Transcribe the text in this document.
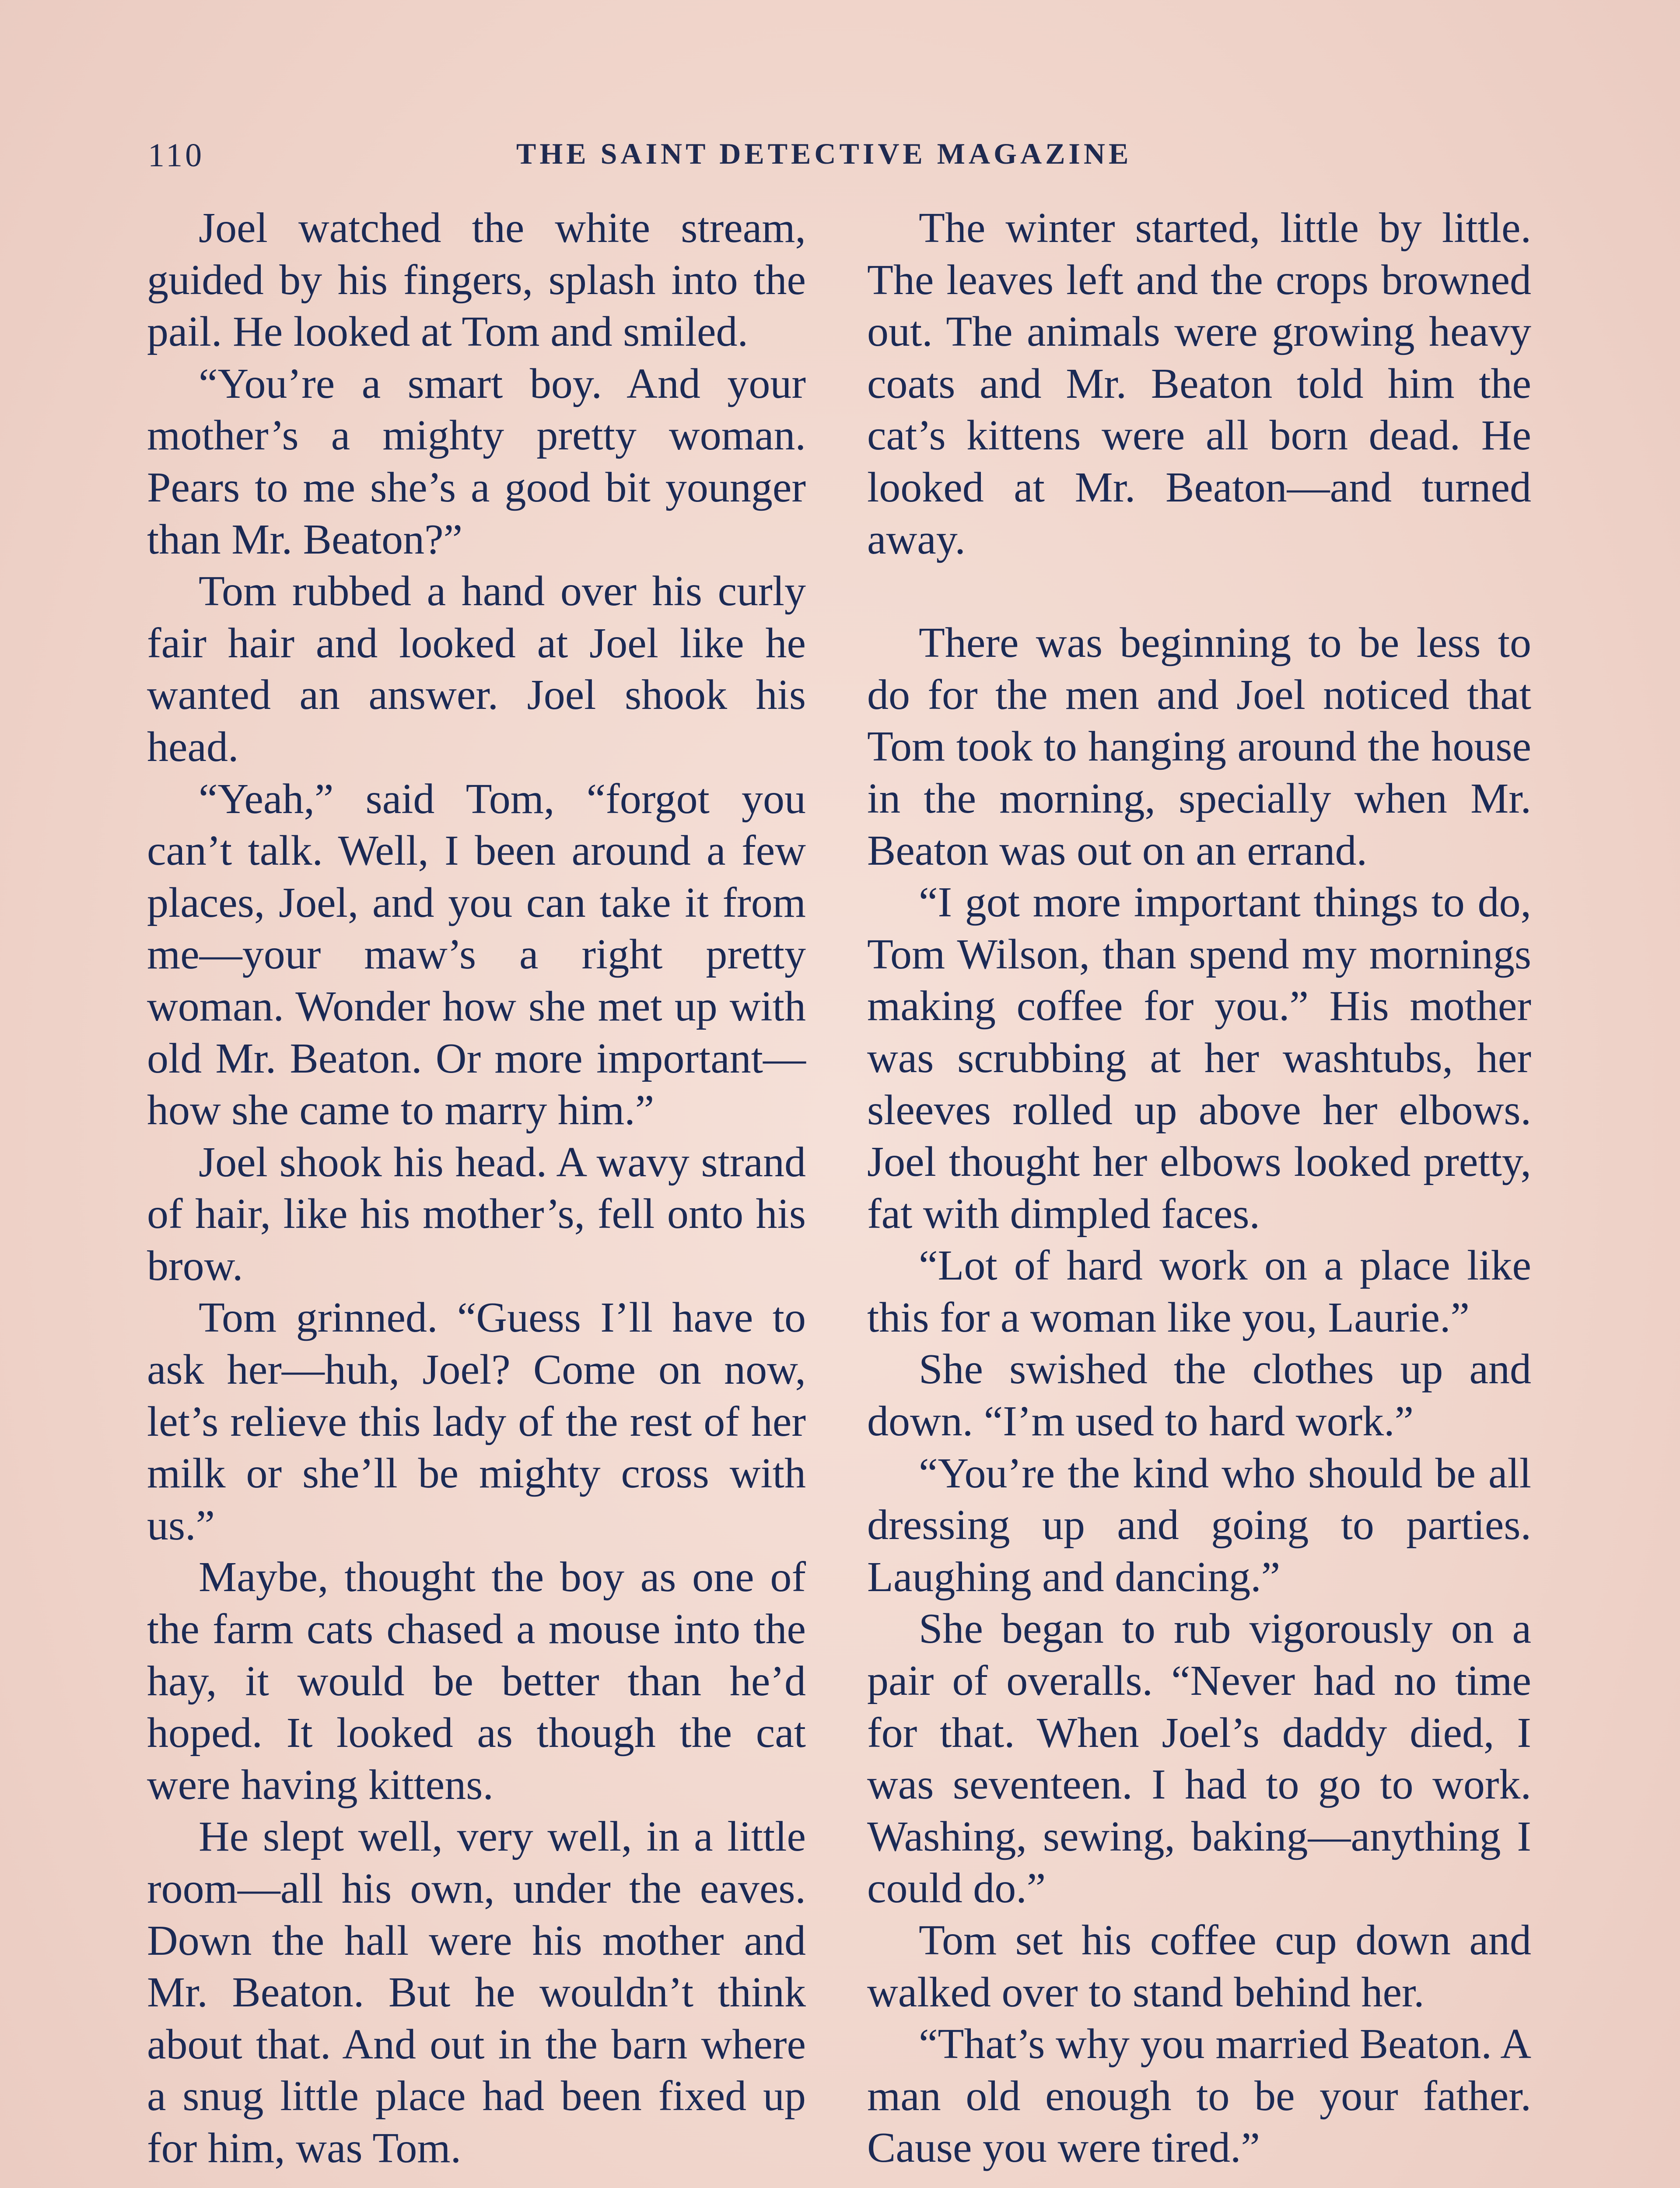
110	THE SAINT DETECTIVE MAGAZINE

Joel watched the white stream, guided by his fingers, splash into the pail. He looked at Tom and smiled.

“You’re a smart boy. And your mother’s a mighty pretty woman. Pears to me she’s a good bit younger than Mr. Beaton?”

Tom rubbed a hand over his curly fair hair and looked at Joel like he wanted an answer. Joel shook his head.

“Yeah,” said Tom, “forgot you can’t talk. Well, I been around a few places, Joel, and you can take it from me—your maw’s a right pretty woman. Wonder how she met up with old Mr. Beaton. Or more important—how she came to marry him.”

Joel shook his head. A wavy strand of hair, like his mother’s, fell onto his brow.

Tom grinned. “Guess I’ll have to ask her—huh, Joel? Come on now, let’s relieve this lady of the rest of her milk or she’ll be mighty cross with us.”

Maybe, thought the boy as one of the farm cats chased a mouse into the hay, it would be better than he’d hoped. It looked as though the cat were having kittens.

He slept well, very well, in a little room—all his own, under the eaves. Down the hall were his mother and Mr. Beaton. But he wouldn’t think about that. And out in the barn where a snug little place had been fixed up for him, was Tom.

The winter started, little by little. The leaves left and the crops browned out. The animals were growing heavy coats and Mr. Beaton told him the cat’s kittens were all born dead. He looked at Mr. Beaton—and turned away.

There was beginning to be less to do for the men and Joel noticed that Tom took to hanging around the house in the morning, specially when Mr. Beaton was out on an errand.

“I got more important things to do, Tom Wilson, than spend my mornings making coffee for you.” His mother was scrubbing at her washtubs, her sleeves rolled up above her elbows. Joel thought her elbows looked pretty, fat with dimpled faces.

“Lot of hard work on a place like this for a woman like you, Laurie.”

She swished the clothes up and down. “I’m used to hard work.”

“You’re the kind who should be all dressing up and going to parties. Laughing and dancing.”

She began to rub vigorously on a pair of overalls. “Never had no time for that. When Joel’s daddy died, I was seventeen. I had to go to work. Washing, sewing, baking—anything I could do.”

Tom set his coffee cup down and walked over to stand behind her.

“That’s why you married Beaton. A man old enough to be your father. Cause you were tired.”
